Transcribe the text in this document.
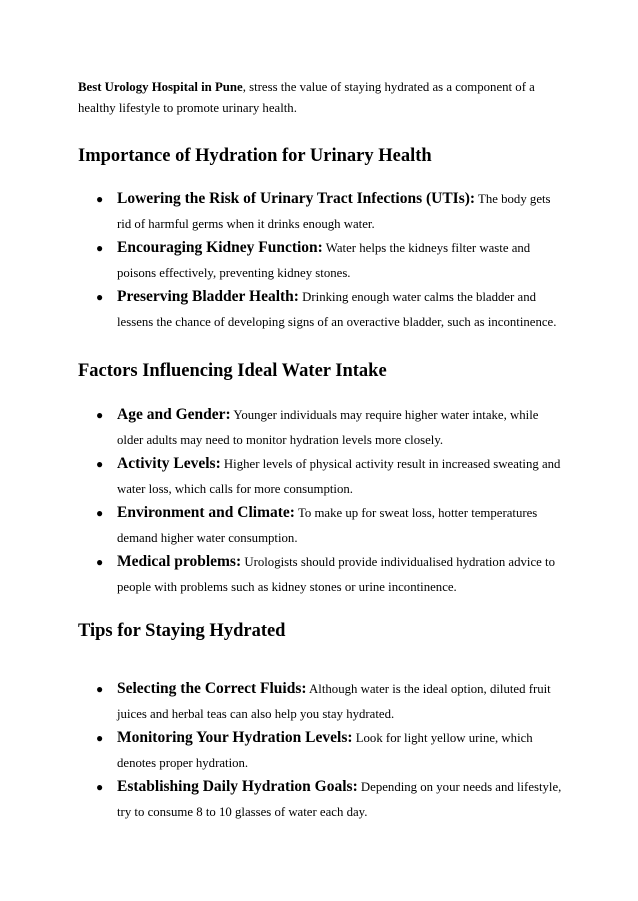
Best Urology Hospital in Pune, stress the value of staying hydrated as a component of a healthy lifestyle to promote urinary health.

Importance of Hydration for Urinary Health
● Lowering the Risk of Urinary Tract Infections (UTIs): The body gets rid of harmful germs when it drinks enough water.
● Encouraging Kidney Function: Water helps the kidneys filter waste and poisons effectively, preventing kidney stones.
● Preserving Bladder Health: Drinking enough water calms the bladder and lessens the chance of developing signs of an overactive bladder, such as incontinence.
Factors Influencing Ideal Water Intake
● Age and Gender: Younger individuals may require higher water intake, while older adults may need to monitor hydration levels more closely.
● Activity Levels: Higher levels of physical activity result in increased sweating and water loss, which calls for more consumption.
● Environment and Climate: To make up for sweat loss, hotter temperatures demand higher water consumption.
● Medical problems: Urologists should provide individualised hydration advice to people with problems such as kidney stones or urine incontinence.
Tips for Staying Hydrated
● Selecting the Correct Fluids: Although water is the ideal option, diluted fruit juices and herbal teas can also help you stay hydrated.
● Monitoring Your Hydration Levels: Look for light yellow urine, which denotes proper hydration.
● Establishing Daily Hydration Goals: Depending on your needs and lifestyle, try to consume 8 to 10 glasses of water each day.
